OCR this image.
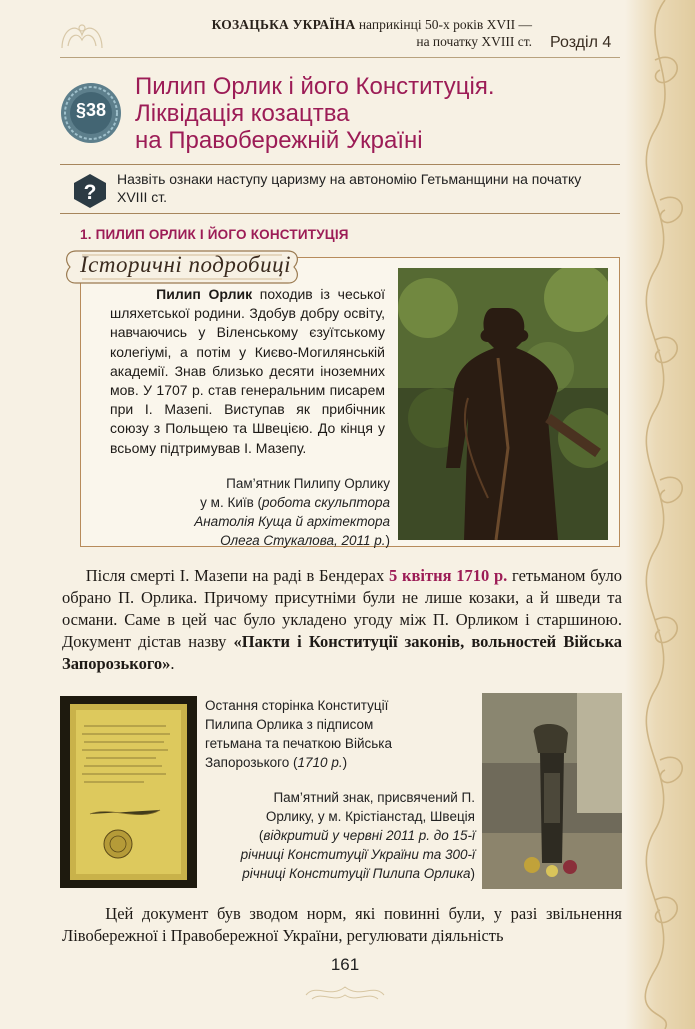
КОЗАЦЬКА УКРАЇНА наприкінці 50-х років XVII —
на початку XVIII ст. Розділ 4
§38
Пилип Орлик і його Конституція.
Ліквідація козацтва
на Правобережній Україні
?
Назвіть ознаки наступу царизму на автономію Гетьманщини на початку XVIII ст.
1. ПИЛИП ОРЛИК І ЙОГО КОНСТИТУЦІЯ
Історичні подробиці
Пилип Орлик походив із чеської шляхетської родини. Здобув добру освіту, навчаючись у Віленському єзуїтському колегіумі, а потім у Києво-Могилянській академії. Знав близько десяти іноземних мов. У 1707 р. став генеральним писарем при І. Мазепі. Виступав як прибічник союзу з Польщею та Швецією. До кінця у всьому підтримував І. Мазепу.
Пам’ятник Пилипу Орлику
у м. Київ (робота скульптора Анатолія Куща й архітектора Олега Стукалова, 2011 р.)
Після смерті І. Мазепи на раді в Бендерах 5 квітня 1710 р. гетьманом було обрано П. Орлика. Причому присутніми були не лише козаки, а й шведи та османи. Саме в цей час було укладено угоду між П. Орликом і старшиною. Документ дістав назву «Пакти і Конституції законів, вольностей Війська Запорозького».
Остання сторінка Конституції Пилипа Орлика з підписом гетьмана та печаткою Війська Запорозького (1710 р.)
Пам’ятний знак, присвячений П. Орлику, у м. Крістіанстад, Швеція (відкритий у червні 2011 р. до 15-ї річниці Конституції України та 300-ї річниці Конституції Пилипа Орлика)
Цей документ був зводом норм, які повинні були, у разі звільнення Лівобережної і Правобережної України, регулювати діяльність
161
